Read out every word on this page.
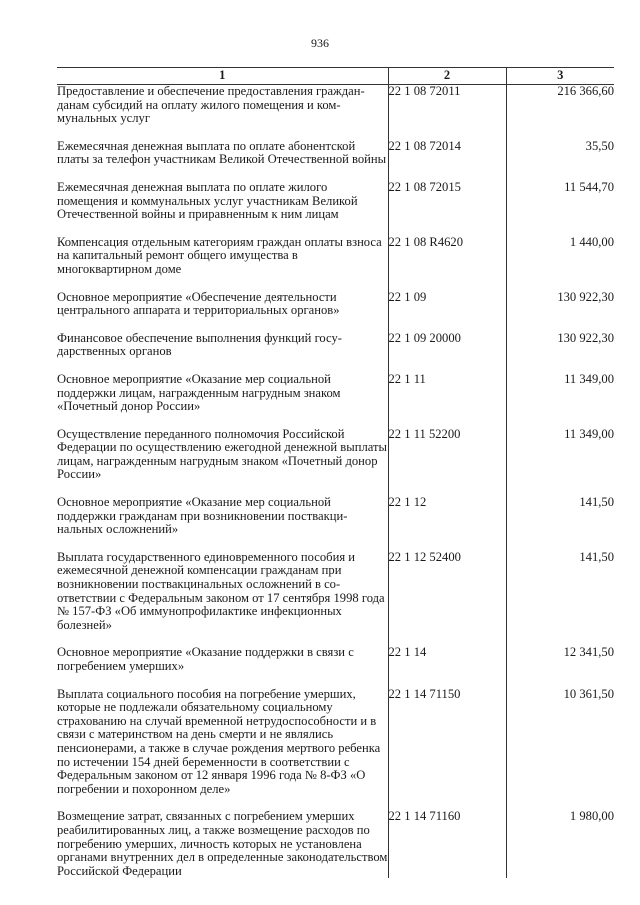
936
1	2	3

Предоставление и обеспечение предоставления гражданданам субсидий на оплату жилого помещения и коммунальных услуг	22 1 08 72011	216 366,60

Ежемесячная денежная выплата по оплате абонентской платы за телефон участникам Великой Отечественной войны	22 1 08 72014	35,50

Ежемесячная денежная выплата по оплате жилого помещения и коммунальных услуг участникам Великой Отечественной войны и приравненным к ним лицам	22 1 08 72015	11 544,70

Компенсация отдельным категориям граждан оплаты взноса на капитальный ремонт общего имущества в многоквартирном доме	22 1 08 R4620	1 440,00

Основное мероприятие «Обеспечение деятельности центрального аппарата и территориальных органов»	22 1 09	130 922,30

Финансовое обеспечение выполнения функций государственных органов	22 1 09 20000	130 922,30

Основное мероприятие «Оказание мер социальной поддержки лицам, награжденным нагрудным знаком «Почетный донор России»	22 1 11	11 349,00

Осуществление переданного полномочия Российской Федерации по осуществлению ежегодной денежной выплаты лицам, награжденным нагрудным знаком «Почетный донор России»	22 1 11 52200	11 349,00

Основное мероприятие «Оказание мер социальной поддержки гражданам при возникновении поствакцинальных осложнений»	22 1 12	141,50

Выплата государственного единовременного пособия и ежемесячной денежной компенсации гражданам при возникновении поствакцинальных осложнений в соответствии с Федеральным законом от 17 сентября 1998 года № 157-ФЗ «Об иммунопрофилактике инфекционных болезней»	22 1 12 52400	141,50

Основное мероприятие «Оказание поддержки в связи с погребением умерших»	22 1 14	12 341,50

Выплата социального пособия на погребение умерших, которые не подлежали обязательному социальному страхованию на случай временной нетрудоспособности и в связи с материнством на день смерти и не являлись пенсионерами, а также в случае рождения мертвого ребенка по истечении 154 дней беременности в соответствии с Федеральным законом от 12 января 1996 года № 8-ФЗ «О погребении и похоронном деле»	22 1 14 71150	10 361,50

Возмещение затрат, связанных с погребением умерших реабилитированных лиц, а также возмещение расходов по погребению умерших, личность которых не установлена органами внутренних дел в определенные законодательством Российской Федерации	22 1 14 71160	1 980,00
